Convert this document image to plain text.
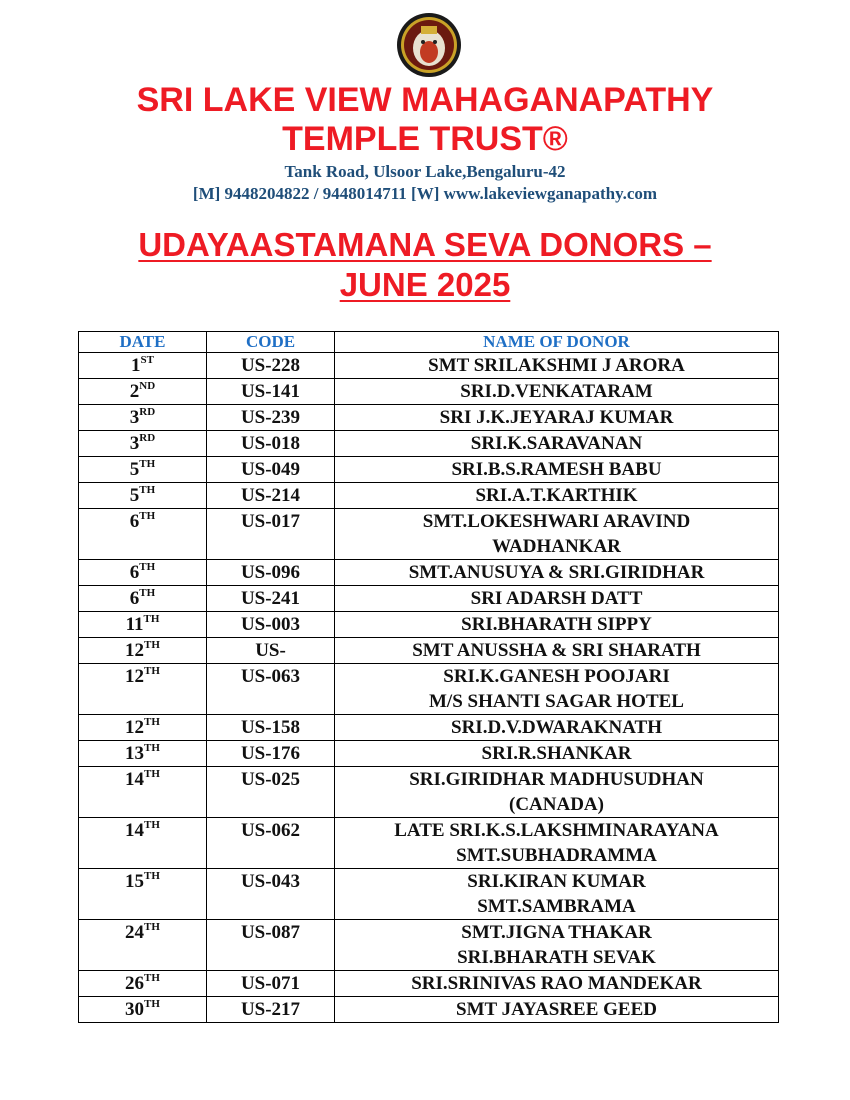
SRI LAKE VIEW MAHAGANAPATHY
TEMPLE TRUST®
Tank Road, Ulsoor Lake,Bengaluru-42
[M] 9448204822 / 9448014711 [W] www.lakeviewganapathy.com
UDAYAASTAMANA SEVA DONORS –
JUNE 2025
DATE	CODE	NAME OF DONOR
1ST	US-228	SMT SRILAKSHMI J ARORA

2ND	US-141	SRI.D.VENKATARAM

3RD	US-239	SRI J.K.JEYARAJ KUMAR

3RD	US-018	SRI.K.SARAVANAN

5TH	US-049	SRI.B.S.RAMESH BABU

5TH	US-214	SRI.A.T.KARTHIK

6TH	US-017	SMT.LOKESHWARI ARAVIND
WADHANKAR

6TH	US-096	SMT.ANUSUYA & SRI.GIRIDHAR

6TH	US-241	SRI ADARSH DATT

11TH	US-003	SRI.BHARATH SIPPY

12TH	US-	SMT ANUSSHA & SRI SHARATH

12TH	US-063	SRI.K.GANESH POOJARI
M/S SHANTI SAGAR HOTEL

12TH	US-158	SRI.D.V.DWARAKNATH

13TH	US-176	SRI.R.SHANKAR

14TH	US-025	SRI.GIRIDHAR MADHUSUDHAN
(CANADA)

14TH	US-062	LATE SRI.K.S.LAKSHMINARAYANA
SMT.SUBHADRAMMA

15TH	US-043	SRI.KIRAN KUMAR
SMT.SAMBRAMA

24TH	US-087	SMT.JIGNA THAKAR
SRI.BHARATH SEVAK

26TH	US-071	SRI.SRINIVAS RAO MANDEKAR

30TH	US-217	SMT JAYASREE GEED
